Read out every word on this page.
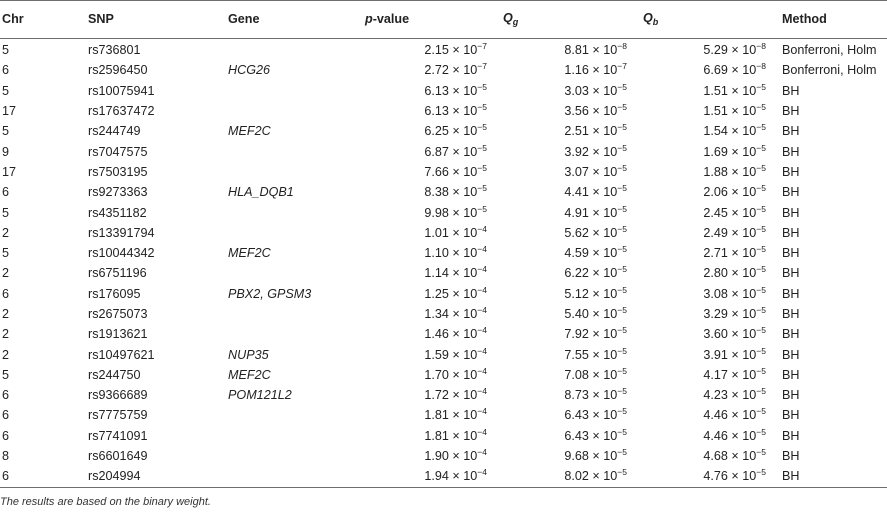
Chr	SNP	Gene	p-value	$Q_g$	$Q_b$	Method
5	rs736801		$2.15 \times 10^{-7}$	$8.81 \times 10^{-8}$	$5.29 \times 10^{-8}$	Bonferroni, Holm
6	rs2596450	HCG26	$2.72 \times 10^{-7}$	$1.16 \times 10^{-7}$	$6.69 \times 10^{-8}$	Bonferroni, Holm
5	rs10075941		$6.13 \times 10^{-5}$	$3.03 \times 10^{-5}$	$1.51 \times 10^{-5}$	BH
17	rs17637472		$6.13 \times 10^{-5}$	$3.56 \times 10^{-5}$	$1.51 \times 10^{-5}$	BH
5	rs244749	MEF2C	$6.25 \times 10^{-5}$	$2.51 \times 10^{-5}$	$1.54 \times 10^{-5}$	BH
9	rs7047575		$6.87 \times 10^{-5}$	$3.92 \times 10^{-5}$	$1.69 \times 10^{-5}$	BH
17	rs7503195		$7.66 \times 10^{-5}$	$3.07 \times 10^{-5}$	$1.88 \times 10^{-5}$	BH
6	rs9273363	HLA_DQB1	$8.38 \times 10^{-5}$	$4.41 \times 10^{-5}$	$2.06 \times 10^{-5}$	BH
5	rs4351182		$9.98 \times 10^{-5}$	$4.91 \times 10^{-5}$	$2.45 \times 10^{-5}$	BH
2	rs13391794		$1.01 \times 10^{-4}$	$5.62 \times 10^{-5}$	$2.49 \times 10^{-5}$	BH
5	rs10044342	MEF2C	$1.10 \times 10^{-4}$	$4.59 \times 10^{-5}$	$2.71 \times 10^{-5}$	BH
2	rs6751196		$1.14 \times 10^{-4}$	$6.22 \times 10^{-5}$	$2.80 \times 10^{-5}$	BH
6	rs176095	PBX2, GPSM3	$1.25 \times 10^{-4}$	$5.12 \times 10^{-5}$	$3.08 \times 10^{-5}$	BH
2	rs2675073		$1.34 \times 10^{-4}$	$5.40 \times 10^{-5}$	$3.29 \times 10^{-5}$	BH
2	rs1913621		$1.46 \times 10^{-4}$	$7.92 \times 10^{-5}$	$3.60 \times 10^{-5}$	BH
2	rs10497621	NUP35	$1.59 \times 10^{-4}$	$7.55 \times 10^{-5}$	$3.91 \times 10^{-5}$	BH
5	rs244750	MEF2C	$1.70 \times 10^{-4}$	$7.08 \times 10^{-5}$	$4.17 \times 10^{-5}$	BH
6	rs9366689	POM121L2	$1.72 \times 10^{-4}$	$8.73 \times 10^{-5}$	$4.23 \times 10^{-5}$	BH
6	rs7775759		$1.81 \times 10^{-4}$	$6.43 \times 10^{-5}$	$4.46 \times 10^{-5}$	BH
6	rs7741091		$1.81 \times 10^{-4}$	$6.43 \times 10^{-5}$	$4.46 \times 10^{-5}$	BH
8	rs6601649		$1.90 \times 10^{-4}$	$9.68 \times 10^{-5}$	$4.68 \times 10^{-5}$	BH
6	rs204994		$1.94 \times 10^{-4}$	$8.02 \times 10^{-5}$	$4.76 \times 10^{-5}$	BH
The results are based on the binary weight.
